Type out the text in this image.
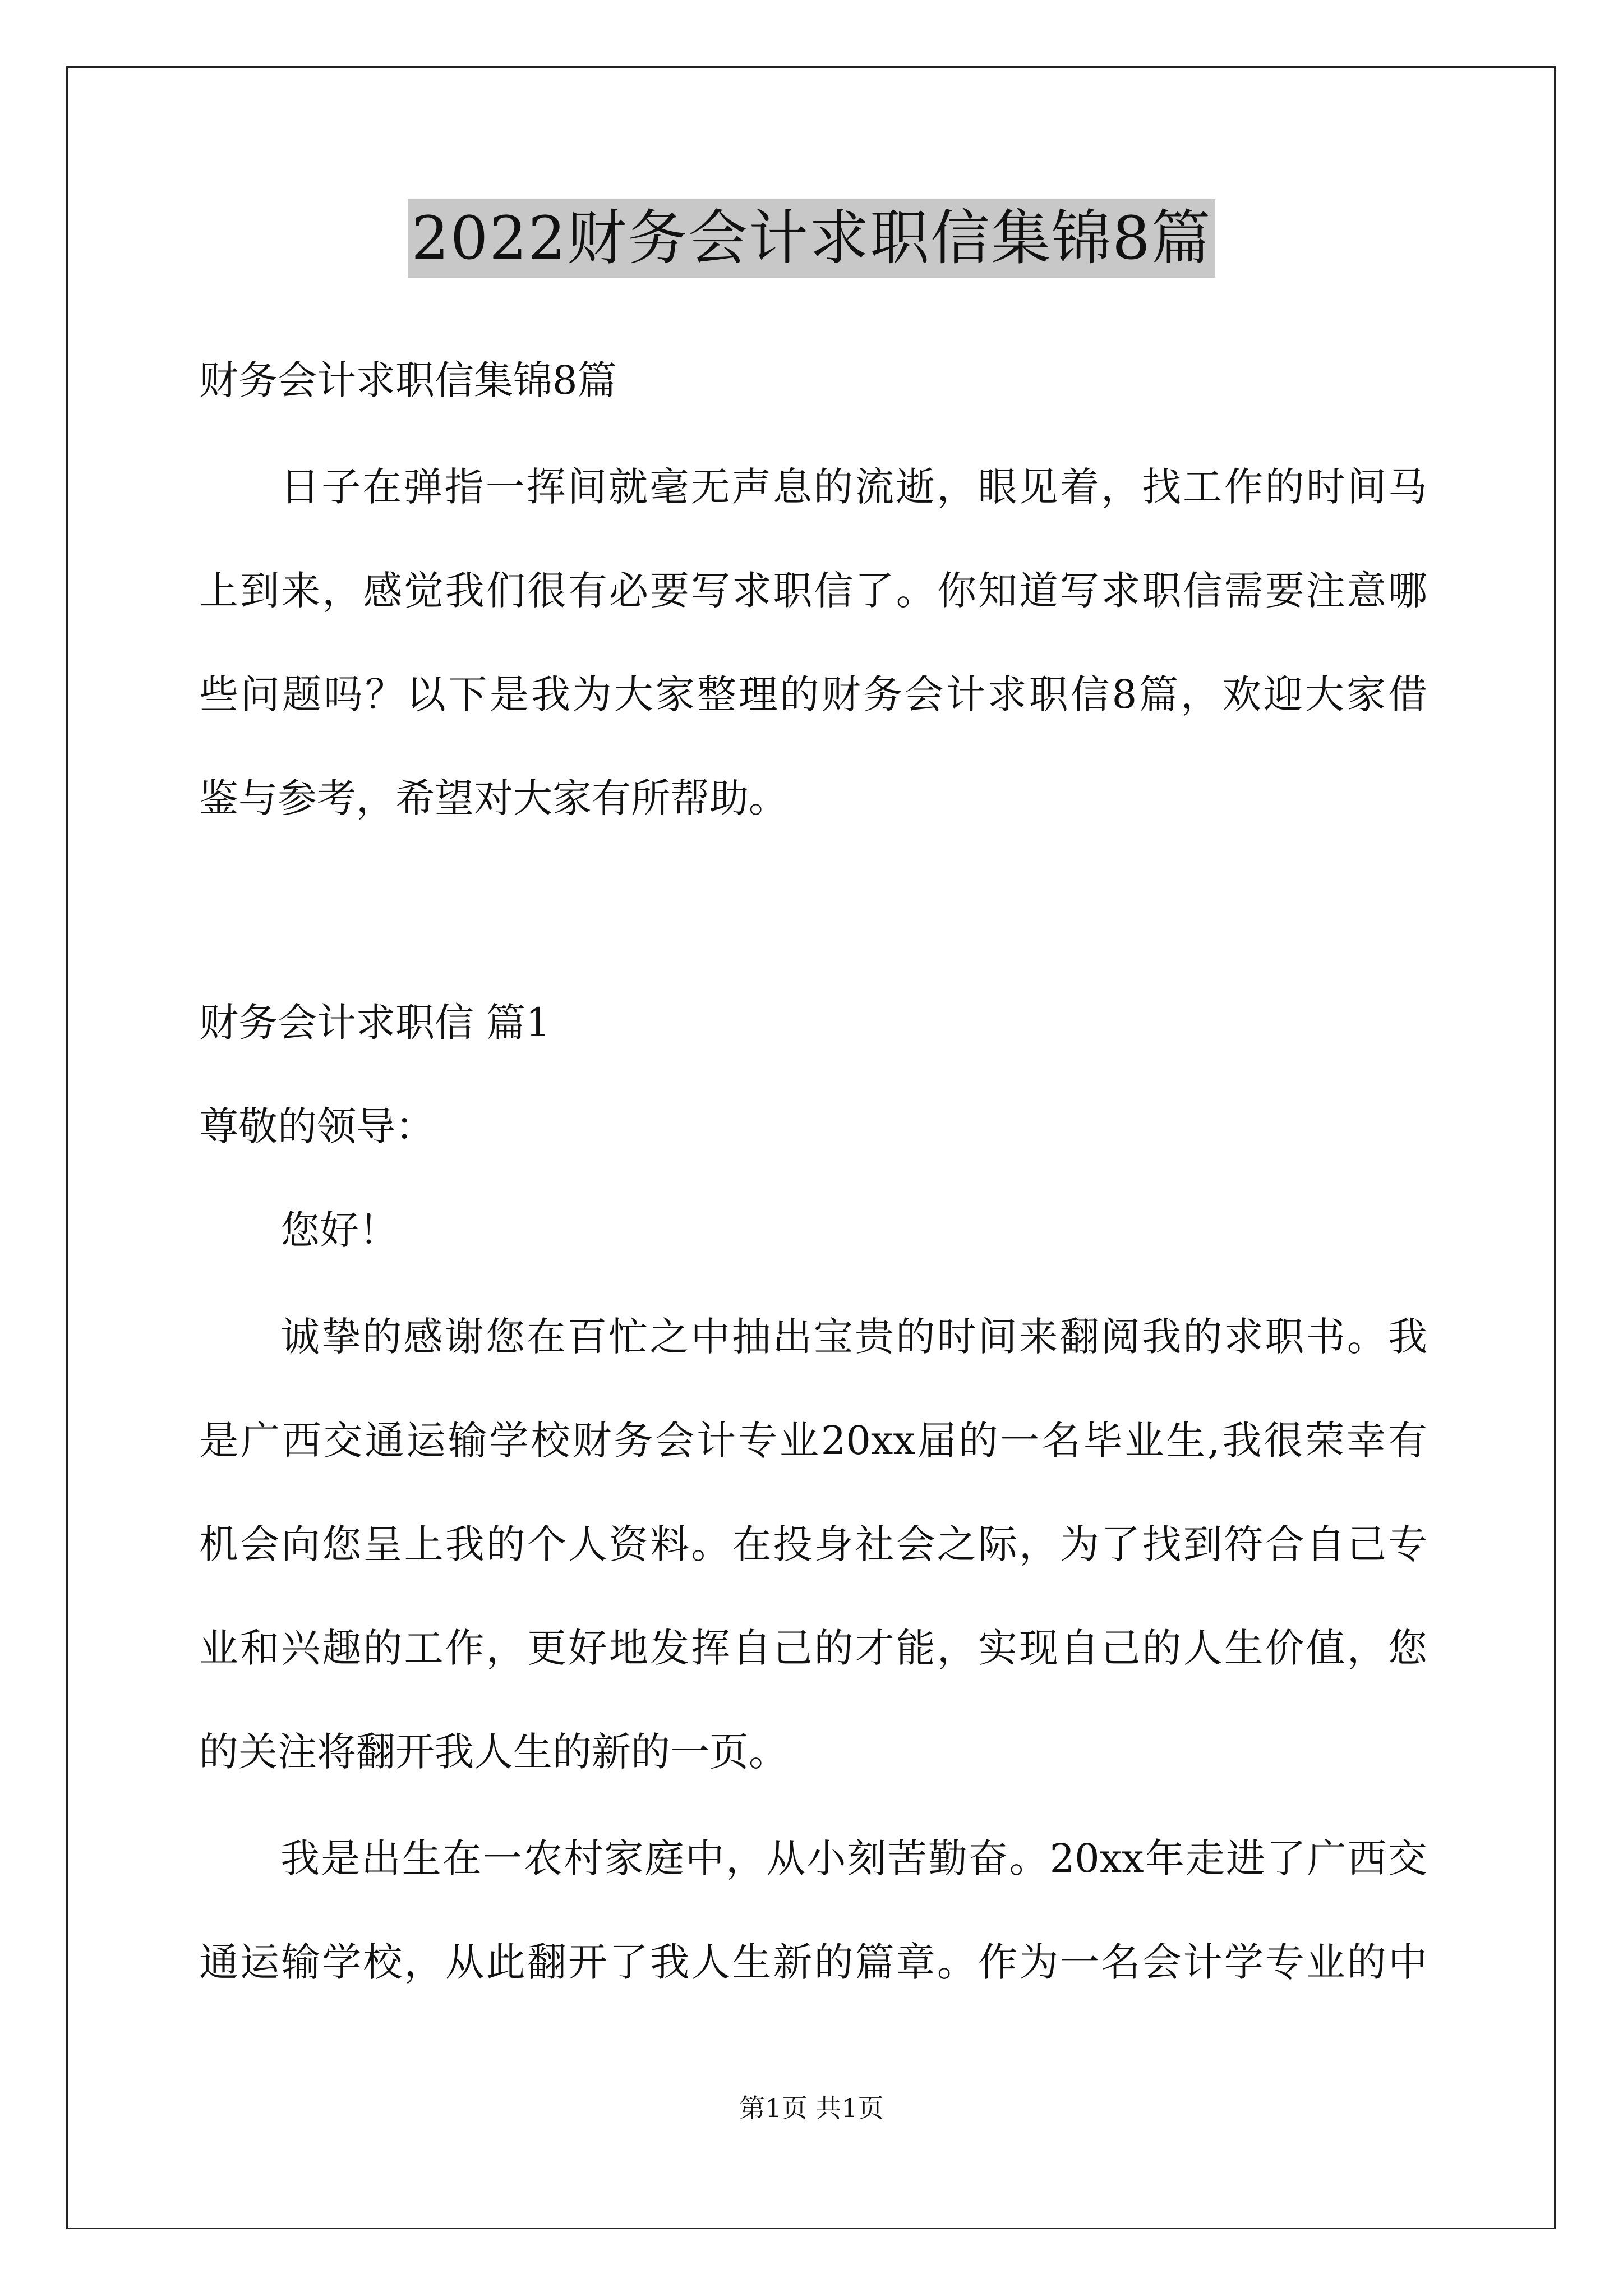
2022财务会计求职信集锦8篇
财务会计求职信集锦8篇
日子在弹指一挥间就毫无声息的流逝，眼见着，找工作的时间马
上到来，感觉我们很有必要写求职信了。你知道写求职信需要注意哪
些问题吗？以下是我为大家整理的财务会计求职信8篇，欢迎大家借
鉴与参考，希望对大家有所帮助。
财务会计求职信 篇1
尊敬的领导：
您好！
诚挚的感谢您在百忙之中抽出宝贵的时间来翻阅我的求职书。我
是广西交通运输学校财务会计专业20xx届的一名毕业生,我很荣幸有
机会向您呈上我的个人资料。在投身社会之际，为了找到符合自己专
业和兴趣的工作，更好地发挥自己的才能，实现自己的人生价值，您
的关注将翻开我人生的新的一页。
我是出生在一农村家庭中，从小刻苦勤奋。20xx年走进了广西交
通运输学校，从此翻开了我人生新的篇章。作为一名会计学专业的中
第1页 共1页
